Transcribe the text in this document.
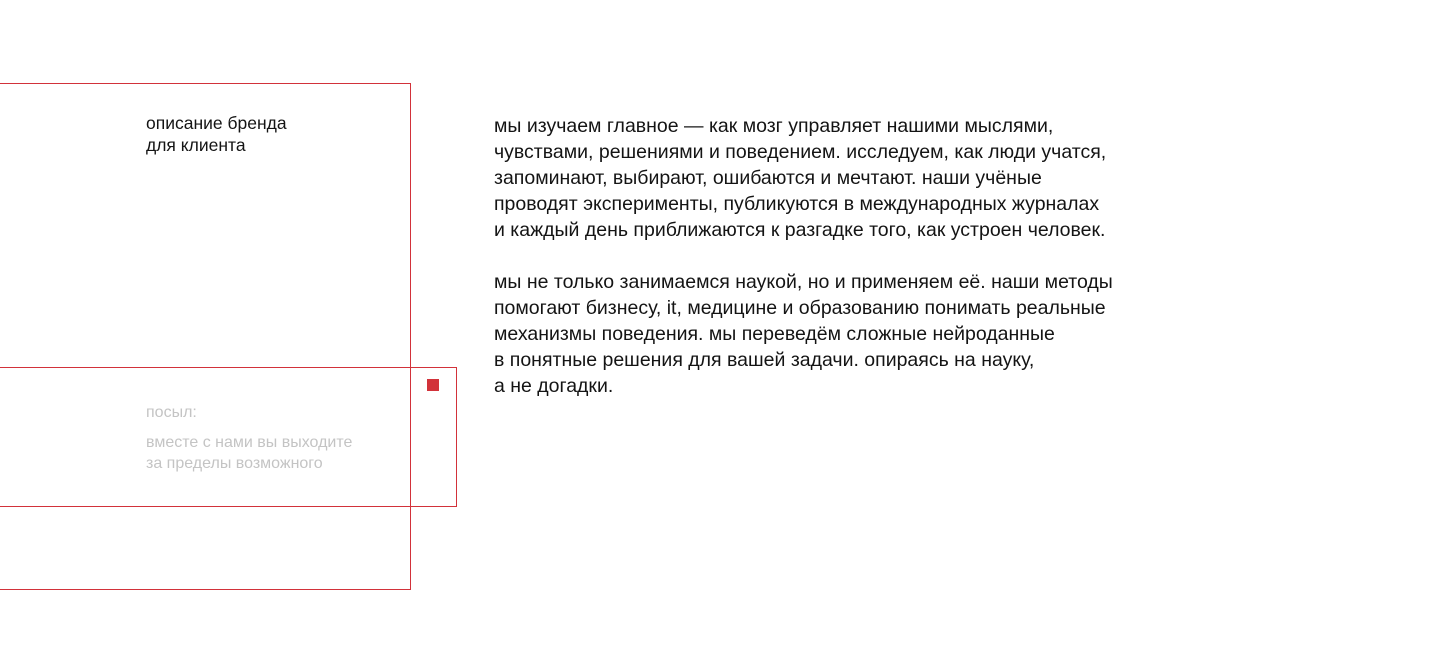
описание бренда
для клиента
посыл:
вместе с нами вы выходите
за пределы возможного

мы изучаем главное — как мозг управляет нашими мыслями,
чувствами, решениями и поведением. исследуем, как люди учатся,
запоминают, выбирают, ошибаются и мечтают. наши учёные
проводят эксперименты, публикуются в международных журналах
и каждый день приближаются к разгадке того, как устроен человек.

мы не только занимаемся наукой, но и применяем её. наши методы
помогают бизнесу, it, медицине и образованию понимать реальные
механизмы поведения. мы переведём сложные нейроданные
в понятные решения для вашей задачи. опираясь на науку,
а не догадки.
